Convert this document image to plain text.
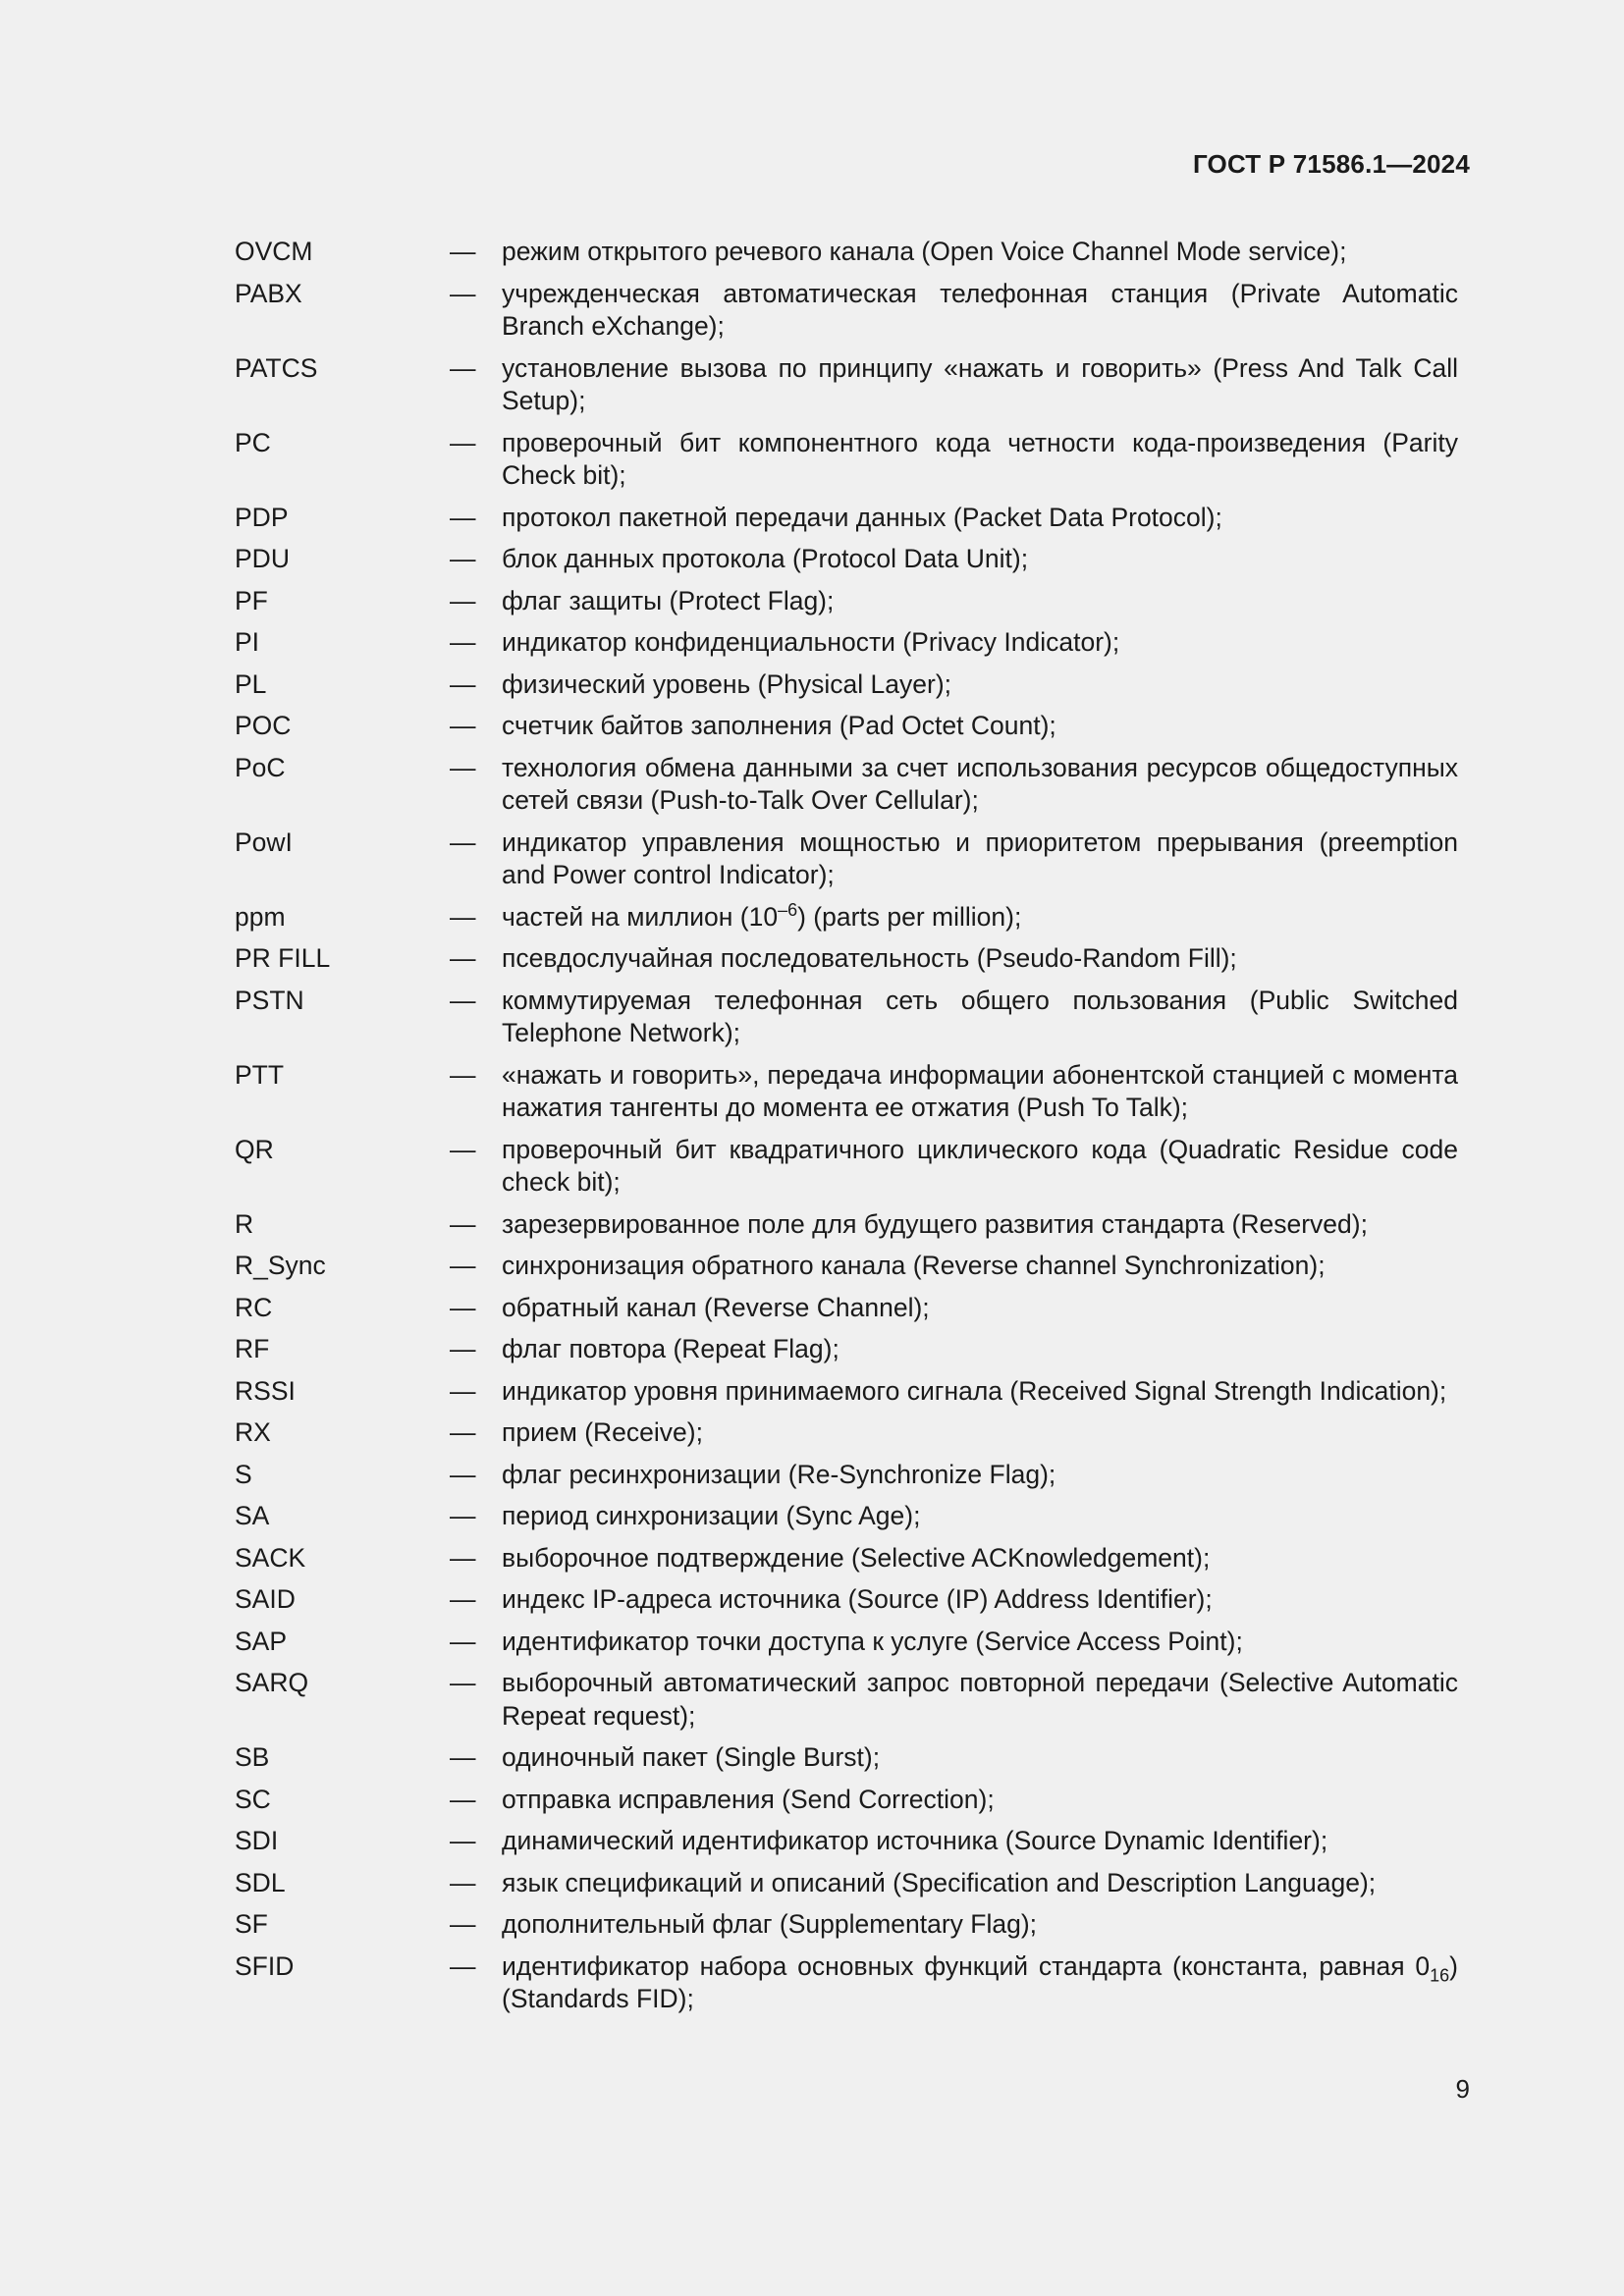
ГОСТ Р 71586.1—2024
OVCM	—	режим открытого речевого канала (Open Voice Channel Mode service);
PABX	—	учрежденческая автоматическая телефонная станция (Private Automatic Branch eXchange);
PATCS	—	установление вызова по принципу «нажать и говорить» (Press And Talk Call Setup);
PC	—	проверочный бит компонентного кода четности кода-произведения (Parity Check bit);
PDP	—	протокол пакетной передачи данных (Packet Data Protocol);
PDU	—	блок данных протокола (Protocol Data Unit);
PF	—	флаг защиты (Protect Flag);
PI	—	индикатор конфиденциальности (Privacy Indicator);
PL	—	физический уровень (Physical Layer);
POC	—	счетчик байтов заполнения (Pad Octet Count);
PoC	—	технология обмена данными за счет использования ресурсов общедоступных сетей связи (Push-to-Talk Over Cellular);
PowI	—	индикатор управления мощностью и приоритетом прерывания (preemption and Power control Indicator);
ppm	—	частей на миллион $(10^{-6})$ (parts per million);
PR FILL	—	псевдослучайная последовательность (Pseudo-Random Fill);
PSTN	—	коммутируемая телефонная сеть общего пользования (Public Switched Telephone Network);
PTT	—	«нажать и говорить», передача информации абонентской станцией с момента нажатия тангенты до момента ее отжатия (Push To Talk);
QR	—	проверочный бит квадратичного циклического кода (Quadratic Residue code check bit);
R	—	зарезервированное поле для будущего развития стандарта (Reserved);
R_Sync	—	синхронизация обратного канала (Reverse channel Synchronization);
RC	—	обратный канал (Reverse Channel);
RF	—	флаг повтора (Repeat Flag);
RSSI	—	индикатор уровня принимаемого сигнала (Received Signal Strength Indication);
RX	—	прием (Receive);
S	—	флаг ресинхронизации (Re-Synchronize Flag);
SA	—	период синхронизации (Sync Age);
SACK	—	выборочное подтверждение (Selective ACKnowledgement);
SAID	—	индекс IP-адреса источника (Source (IP) Address Identifier);
SAP	—	идентификатор точки доступа к услуге (Service Access Point);
SARQ	—	выборочный автоматический запрос повторной передачи (Selective Automatic Repeat request);
SB	—	одиночный пакет (Single Burst);
SC	—	отправка исправления (Send Correction);
SDI	—	динамический идентификатор источника (Source Dynamic Identifier);
SDL	—	язык спецификаций и описаний (Specification and Description Language);
SF	—	дополнительный флаг (Supplementary Flag);
SFID	—	идентификатор набора основных функций стандарта (константа, равная $0_{16}$) (Standards FID);
9
